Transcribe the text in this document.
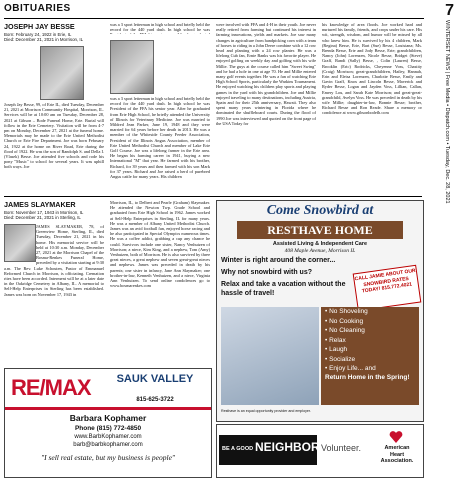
OBITUARIES	7
WINTERSET NEWS | Free Media • Dispatch.com • Tuesday, Dec. 28, 2021
JOSEPH JAY BESSE
Born: February 24, 1922 in Erie, IL
Died: December 21, 2021 in Morrison, IL
Joseph Jay Besse, 99, of Erie IL, died Tuesday, December 21, 2021 at Morrison Community Hospital, Morrison, IL. Services will be at 10:00 am on Tuesday, December 28, 2021 at Gibson – Bode Funeral Home, Erie. Burial will follow in the Erie Cemetery. Visitation will be from 4-7 pm on Monday, December 27, 2021 at the funeral home. Memorials may be made to the Erie United Methodist Church or Erie Fire Department. Joe was born February 24, 1922 at the home on River Road, Erie during the flood of 1922. He was the son of Randolph S. and Della I. (Vlasek) Besse. Joe attended five schools and rode his pony "Music" to school for several years. It was uphill both ways. Joe
was a 3 sport letterman in high school and briefly held the record for the 440 yard dash. In high school he was
was a 3 sport letterman in high school and briefly held the record for the 440 yard dash. In high school he was President of the FFA his senior year. After he graduated from Erie High School, he briefly attended the University of Illinois for Veterinary Medicine. Joe was married to Mildred Jean Parker, June 19, 1948 and they were married for 64 years before her death in 2013. He was a member of the Whiteside County Feeder Association, President of the Illinois Angus Association, member of Erie United Methodist Church and member of Lake Erie Golf Course. Joe was a lifelong farmer in the Erie area. He began his farming career in 1941, buying a new International "M" that year. He farmed with his brother, Richard, for 39 years and then farmed with his son Mark for 37 years. Richard and Joe raised a herd of purebred Angus cattle for many years. His children
were involved with FFA and 4-H in their youth. Joe never really retired from farming but continued his interest in farming innovations, yields and markets. Joe saw many changes in agriculture from handpicking corn with a team of horses to riding in a John Deere combine with a 12 row head and planting with a 24 row planter. He was a lifelong Cub fan, Ernie Banks was his favorite player. He enjoyed golfing on weekly day and golfing with his wife Millie. The guys at the course called him "Sweet Swing" and he had a hole in one at age 70. He and Millie entered many golf events together. He was a fan of watching Erie High School Sports, particularly the Warkins Tournament. He enjoyed watching his children play sports and playing games in the yard with his grandchildren. Joe and Millie enjoyed traveling to many destinations, including Austria, Spain and for their 25th anniversary, Hawaii. They also spent many years wintering in Florida where he dominated the shuffleboard courts. During the flood of 1990 Joe was interviewed and quoted on the front page of the USA Today for
his knowledge of area floods. Joe worked hard and nurtured his family, friends, and crops under his care. His wit, strength, wisdom, and humor will be missed by all who knew him. He is survived by his 4 children, Mark (Regina) Besse, Erie, Bart (Sue) Besse, Louisiana; Ms. Brenda Besse, Erie and Jody Besse, Erie; grandchildren, Nancy (John) Lorenzen, Nicole Besse, Bridget (Steve) Graff, Randi (Sally) Besse, , Colin (Lauren) Besse, Brooklin (Eric) Rodricks, Cheyenne Voss, Chastity (Craig) Morrison; great-grandchildren, Hailey, Hannah, Erin and Eleisa Lorenzen, Charlotte Besse, Emily and Gavin Graff, Knox and Lincoln Besse, Maverick and Ryder Besse, Logan and Jayden Voss, Lillian, Callan, Emery Lou, and Sarah Kate Morrison; and great-great-grandchild, Avelyn Voss. He was preceded in death by his wife Millie; daughter-in-law, Bonnie Besse; brother, Richard Besse and Ron Reade. Share a memory or condolence at www.gibsonbodefh.com
JAMES SLAYMAKER
Born: November 17, 1943 in Morrison, IL
Died: December 21, 2021 in Sterling, IL
JAMES SLAYMAKER, 78, of Greenview Home, Sterling, IL, died Tuesday, December 21, 2021 in his home. His memorial service will be held at 10:30 a.m. Monday, December 27, 2021 at the Morrison Chapel of the Bosma-Renkes Funeral Home, preceded by a visitation starting at 9:30 a.m. The Rev. Luke Schouten, Pastor of Emmanuel Reformed Church in Morrison, is officiating. Cremation rites have been accorded. Interment will be at a later date in the Oakridge Cemetery in Albany, IL. A memorial to Self-Help Enterprises in Sterling has been established. James was born on November 17, 1943 in
Morrison, IL, to Delbert and Pearle (Graham) Slaymaker. He attended the Newton Twp. Grade School and graduated from Erie High School in 1962. James worked at Self-Help Enterprises in Sterling, IL for many years. He was a member of Albany United Methodist Church. James was an avid football fan, enjoyed horse racing and he also participated in Special Olympics numerous times. He was a coffee addict, grabbing a cup any chance he could. Survivors include one sister, Nancy Venhuizen of Morrison; a niece, Kim King, and a nephew, Tom (Amy) Venhuizen, both of Morrison. He is also survived by three great nieces, a great nephew and seven great-great nieces and nephews. James was preceded in death by his parents; one sister in infancy, Jane Ann Slaymaker; one brother-in-law, Kenneth Venhuizen, and a niece, Virginia Ann Venhuizen. To send online condolences go to www.bosmarenkes.com
Come Snowbird at
RESTHAVE HOME
Assisted Living & Independent Care
408 Maple Avenue, Morrison IL
Winter is right around the corner...
Why not snowbird with us?
Relax and take a vacation without the hassle of travel!
CALL JAMIE ABOUT OUR SNOWBIRD RATES TODAY! 815.772.4021
• No Shoveling
• No Cooking
• No Cleaning
• Relax
• Laugh
• Socialize
• Enjoy Life... and
Return Home in the Spring!
Resthave is an equal opportunity provider and employer.
RE/MAX	SAUK VALLEY
815-625-3722
Barbara Kophamer
Phone (815) 772-4850
www.BarbKophamer.com
barb@barbkophamer.com
"I sell real estate, but my business is people"
BE A GOOD NEIGHBOR Volunteer.	American
Heart
Association.
